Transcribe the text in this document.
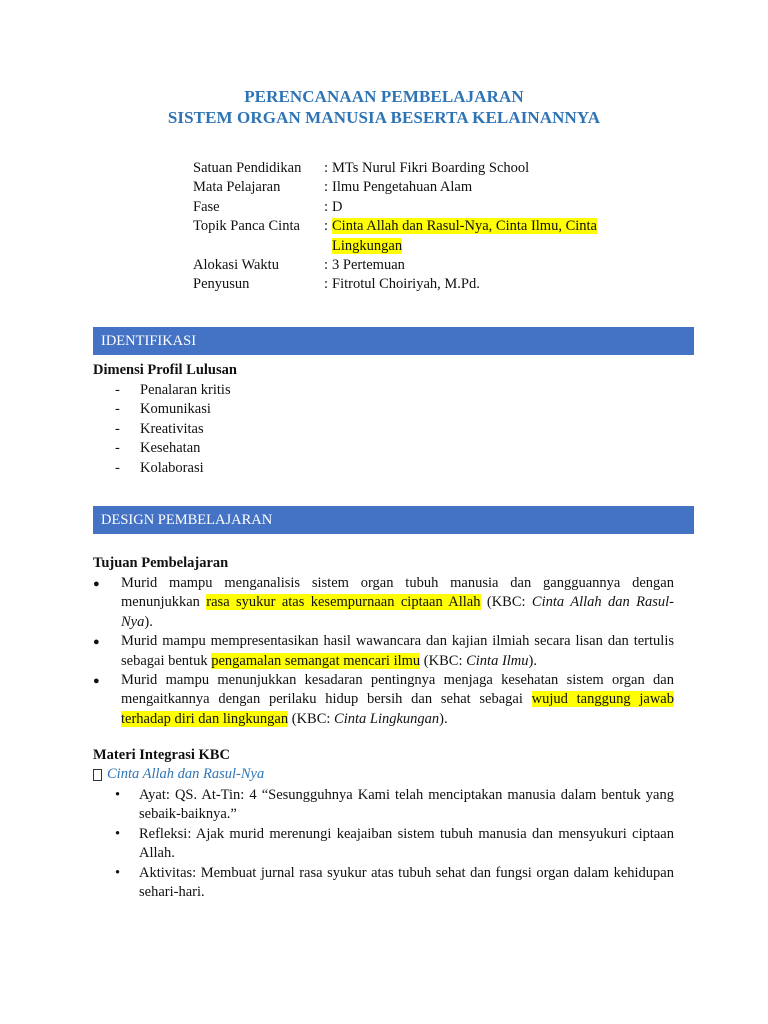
PERENCANAAN PEMBELAJARAN
SISTEM ORGAN MANUSIA BESERTA KELAINANNYA
Satuan Pendidikan	: MTs Nurul Fikri Boarding School
Mata Pelajaran	: Ilmu Pengetahuan Alam
Fase	: D
Topik Panca Cinta	: Cinta Allah dan Rasul-Nya, Cinta Ilmu, Cinta Lingkungan
Alokasi Waktu	: 3 Pertemuan
Penyusun	: Fitrotul Choiriyah, M.Pd.
IDENTIFIKASI
Dimensi Profil Lulusan
-	Penalaran kritis
-	Komunikasi
-	Kreativitas
-	Kesehatan
-	Kolaborasi
DESIGN PEMBELAJARAN
Tujuan Pembelajaran
●	Murid mampu menganalisis sistem organ tubuh manusia dan gangguannya dengan menunjukkan rasa syukur atas kesempurnaan ciptaan Allah (KBC: Cinta Allah dan Rasul-Nya).
●	Murid mampu mempresentasikan hasil wawancara dan kajian ilmiah secara lisan dan tertulis sebagai bentuk pengamalan semangat mencari ilmu (KBC: Cinta Ilmu).
●	Murid mampu menunjukkan kesadaran pentingnya menjaga kesehatan sistem organ dan mengaitkannya dengan perilaku hidup bersih dan sehat sebagai wujud tanggung jawab terhadap diri dan lingkungan (KBC: Cinta Lingkungan).
Materi Integrasi KBC
Cinta Allah dan Rasul-Nya
•	Ayat: QS. At-Tin: 4 “Sesungguhnya Kami telah menciptakan manusia dalam bentuk yang sebaik-baiknya.”
•	Refleksi: Ajak murid merenungi keajaiban sistem tubuh manusia dan mensyukuri ciptaan Allah.
•	Aktivitas: Membuat jurnal rasa syukur atas tubuh sehat dan fungsi organ dalam kehidupan sehari-hari.
